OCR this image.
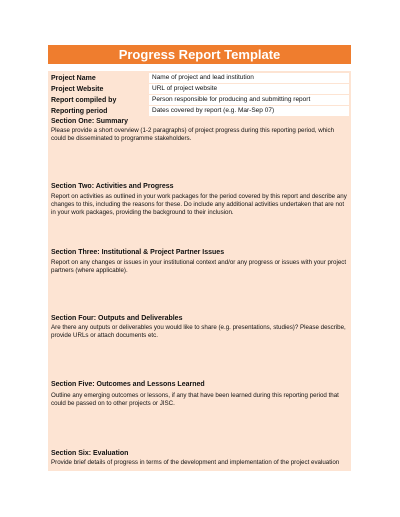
Progress Report Template
Project Name	Name of project and lead institution
Project Website	URL of project website
Report compiled by	Person responsible for producing and submitting report
Reporting period	Dates covered by report (e.g. Mar-Sep 07)
Section One: Summary
Please provide a short overview (1-2 paragraphs) of project progress during this reporting period, which could be disseminated to programme stakeholders.
Section Two: Activities and Progress
Report on activities as outlined in your work packages for the period covered by this report and describe any changes to this, including the reasons for these. Do include any additional activities undertaken that are not in your work packages, providing the background to their inclusion.
Section Three: Institutional & Project Partner Issues
Report on any changes or issues in your institutional context and/or any progress or issues with your project partners (where applicable).
Section Four: Outputs and Deliverables
Are there any outputs or deliverables you would like to share (e.g. presentations, studies)? Please describe, provide URLs or attach documents etc.
Section Five: Outcomes and Lessons Learned
Outline any emerging outcomes or lessons, if any that have been learned during this reporting period that could be passed on to other projects or JISC.
Section Six: Evaluation
Provide brief details of progress in terms of the development and implementation of the project evaluation
